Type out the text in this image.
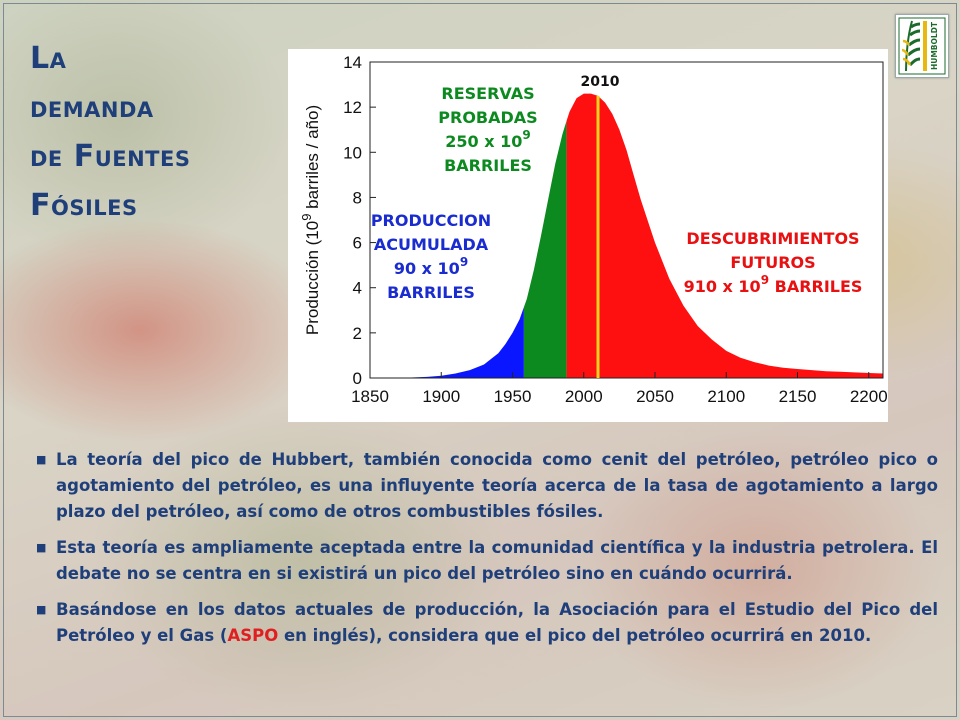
La
demanda
de Fuentes
Fósiles
HUMBOLDT
0
2
4
6
8
10
12
14
1850 1900 1950 2000 2050 2100 2150 2200
Producción ($10^9$ barriles / año)
2010
RESERVAS
PROBADAS
250 x $10^9$
BARRILES
PRODUCCION
ACUMULADA
90 x $10^9$
BARRILES
DESCUBRIMIENTOS
FUTUROS
910 x $10^9$ BARRILES
■ La teoría del pico de Hubbert, también conocida como cenit del petróleo, petróleo pico o agotamiento del petróleo, es una influyente teoría acerca de la tasa de agotamiento a largo plazo del petróleo, así como de otros combustibles fósiles.
■ Esta teoría es ampliamente aceptada entre la comunidad científica y la industria petrolera. El debate no se centra en si existirá un pico del petróleo sino en cuándo ocurrirá.
■ Basándose en los datos actuales de producción, la Asociación para el Estudio del Pico del Petróleo y el Gas (ASPO en inglés), considera que el pico del petróleo ocurrirá en 2010.
